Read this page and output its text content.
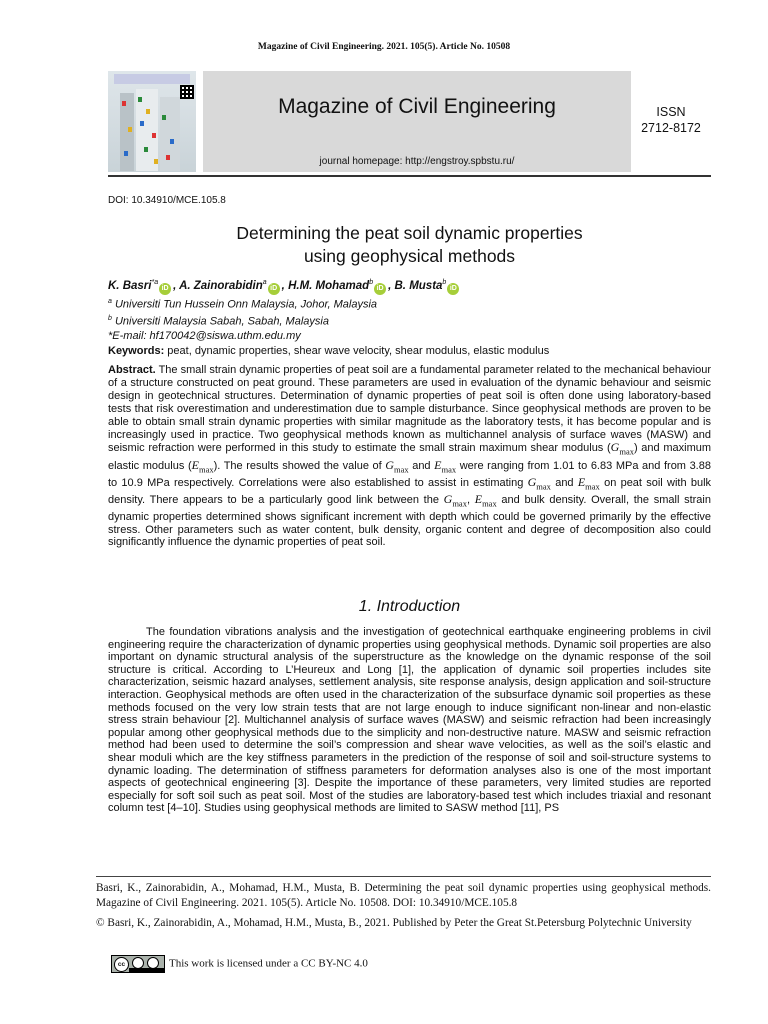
Magazine of Civil Engineering. 2021. 105(5). Article No. 10508
Magazine of Civil Engineering
journal homepage: http://engstroy.spbstu.ru/
ISSN
2712-8172
DOI: 10.34910/MCE.105.8
Determining the peat soil dynamic properties
using geophysical methods
K. Basri$^{*a}$iD , A. Zainorabidin$^a$iD , H.M. Mohamad$^b$iD , B. Musta$^b$iD
$^a$ Universiti Tun Hussein Onn Malaysia, Johor, Malaysia
$^b$ Universiti Malaysia Sabah, Sabah, Malaysia
*E-mail: hf170042@siswa.uthm.edu.my
Keywords: peat, dynamic properties, shear wave velocity, shear modulus, elastic modulus
Abstract. The small strain dynamic properties of peat soil are a fundamental parameter related to the mechanical behaviour of a structure constructed on peat ground. These parameters are used in evaluation of the dynamic behaviour and seismic design in geotechnical structures. Determination of dynamic properties of peat soil is often done using laboratory-based tests that risk overestimation and underestimation due to sample disturbance. Since geophysical methods are proven to be able to obtain small strain dynamic properties with similar magnitude as the laboratory tests, it has become popular and is increasingly used in practice. Two geophysical methods known as multichannel analysis of surface waves (MASW) and seismic refraction were performed in this study to estimate the small strain maximum shear modulus $(G_{max})$ and maximum elastic modulus $(E_{max})$. The results showed the value of $G_{max}$ and $E_{max}$ were ranging from 1.01 to 6.83 MPa and from 3.88 to 10.9 MPa respectively. Correlations were also established to assist in estimating $G_{max}$ and $E_{max}$ on peat soil with bulk density. There appears to be a particularly good link between the $G_{max}$, $E_{max}$ and bulk density. Overall, the small strain dynamic properties determined shows significant increment with depth which could be governed primarily by the effective stress. Other parameters such as water content, bulk density, organic content and degree of decomposition also could significantly influence the dynamic properties of peat soil.
1. Introduction
The foundation vibrations analysis and the investigation of geotechnical earthquake engineering problems in civil engineering require the characterization of dynamic properties using geophysical methods. Dynamic soil properties are also important on dynamic structural analysis of the superstructure as the knowledge on the dynamic response of the soil structure is critical. According to L’Heureux and Long [1], the application of dynamic soil properties includes site characterization, seismic hazard analyses, settlement analysis, site response analysis, design application and soil-structure interaction. Geophysical methods are often used in the characterization of the subsurface dynamic soil properties as these methods focused on the very low strain tests that are not large enough to induce significant non-linear and non-elastic stress strain behaviour [2]. Multichannel analysis of surface waves (MASW) and seismic refraction had been increasingly popular among other geophysical methods due to the simplicity and non-destructive nature. MASW and seismic refraction method had been used to determine the soil’s compression and shear wave velocities, as well as the soil’s elastic and shear moduli which are the key stiffness parameters in the prediction of the response of soil and soil-structure systems to dynamic loading. The determination of stiffness parameters for deformation analyses also is one of the most important aspects of geotechnical engineering [3]. Despite the importance of these parameters, very limited studies are reported especially for soft soil such as peat soil. Most of the studies are laboratory-based test which includes triaxial and resonant column test [4–10]. Studies using geophysical methods are limited to SASW method [11], PS
Basri, K., Zainorabidin, A., Mohamad, H.M., Musta, B. Determining the peat soil dynamic properties using geophysical methods. Magazine of Civil Engineering. 2021. 105(5). Article No. 10508. DOI: 10.34910/MCE.105.8
© Basri, K., Zainorabidin, A., Mohamad, H.M., Musta, B., 2021. Published by Peter the Great St.Petersburg Polytechnic University
cc	This work is licensed under a CC BY-NC 4.0
